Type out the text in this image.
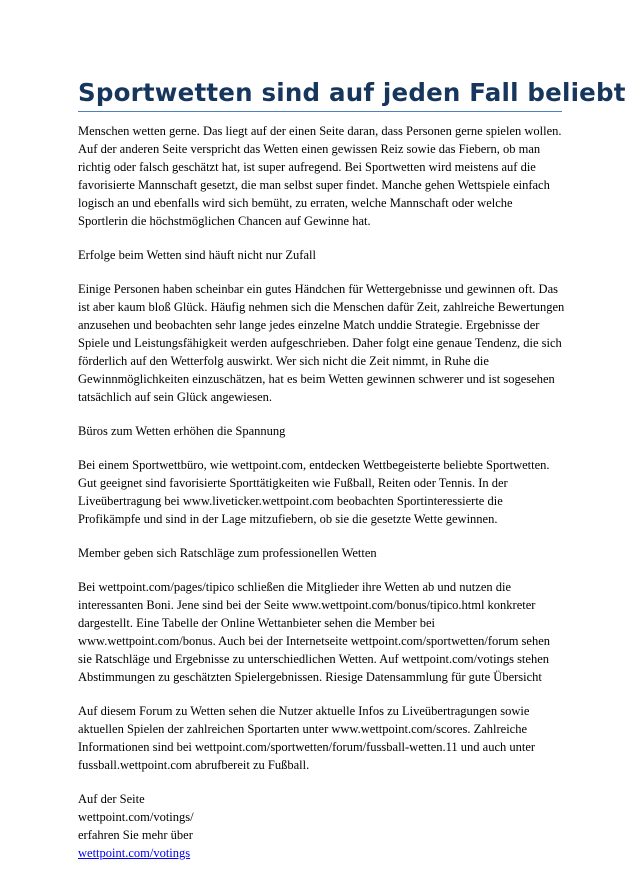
Sportwetten sind auf jeden Fall beliebt

Menschen wetten gerne. Das liegt auf der einen Seite daran, dass Personen gerne spielen wollen.
Auf der anderen Seite verspricht das Wetten einen gewissen Reiz sowie das Fiebern, ob man
richtig oder falsch geschätzt hat, ist super aufregend. Bei Sportwetten wird meistens auf die
favorisierte Mannschaft gesetzt, die man selbst super findet. Manche gehen Wettspiele einfach
logisch an und ebenfalls wird sich bemüht, zu erraten, welche Mannschaft oder welche
Sportlerin die höchstmöglichen Chancen auf Gewinne hat.

Erfolge beim Wetten sind häuft nicht nur Zufall

Einige Personen haben scheinbar ein gutes Händchen für Wettergebnisse und gewinnen oft. Das
ist aber kaum bloß Glück. Häufig nehmen sich die Menschen dafür Zeit, zahlreiche Bewertungen
anzusehen und beobachten sehr lange jedes einzelne Match unddie Strategie. Ergebnisse der
Spiele und Leistungsfähigkeit werden aufgeschrieben. Daher folgt eine genaue Tendenz, die sich
förderlich auf den Wetterfolg auswirkt. Wer sich nicht die Zeit nimmt, in Ruhe die
Gewinnmöglichkeiten einzuschätzen, hat es beim Wetten gewinnen schwerer und ist sogesehen
tatsächlich auf sein Glück angewiesen.

Büros zum Wetten erhöhen die Spannung

Bei einem Sportwettbüro, wie wettpoint.com, entdecken Wettbegeisterte beliebte Sportwetten.
Gut geeignet sind favorisierte Sporttätigkeiten wie Fußball, Reiten oder Tennis. In der
Liveübertragung bei www.liveticker.wettpoint.com beobachten Sportinteressierte die
Profikämpfe und sind in der Lage mitzufiebern, ob sie die gesetzte Wette gewinnen.

Member geben sich Ratschläge zum professionellen Wetten

Bei wettpoint.com/pages/tipico schließen die Mitglieder ihre Wetten ab und nutzen die
interessanten Boni. Jene sind bei der Seite www.wettpoint.com/bonus/tipico.html konkreter
dargestellt. Eine Tabelle der Online Wettanbieter sehen die Member bei
www.wettpoint.com/bonus. Auch bei der Internetseite wettpoint.com/sportwetten/forum sehen
sie Ratschläge und Ergebnisse zu unterschiedlichen Wetten. Auf wettpoint.com/votings stehen
Abstimmungen zu geschätzten Spielergebnissen. Riesige Datensammlung für gute Übersicht

Auf diesem Forum zu Wetten sehen die Nutzer aktuelle Infos zu Liveübertragungen sowie
aktuellen Spielen der zahlreichen Sportarten unter www.wettpoint.com/scores. Zahlreiche
Informationen sind bei wettpoint.com/sportwetten/forum/fussball-wetten.11 und auch unter
fussball.wettpoint.com abrufbereit zu Fußball.

Auf der Seite
wettpoint.com/votings/
erfahren Sie mehr über
wettpoint.com/votings
